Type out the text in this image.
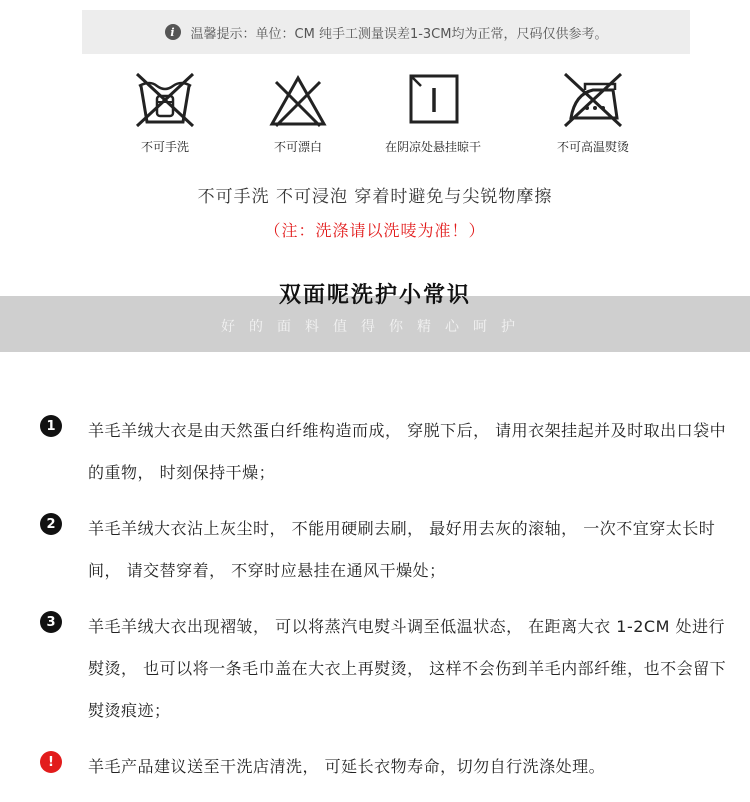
i	温馨提示：单位：CM 纯手工测量误差1-3CM均为正常，尺码仅供参考。
不可手洗	不可漂白	在阴凉处悬挂晾干	不可高温熨烫
不可手洗 不可浸泡 穿着时避免与尖锐物摩擦
（注：洗涤请以洗唛为准！）
双面呢洗护小常识
好的面料值得你精心呵护
1	羊毛羊绒大衣是由天然蛋白纤维构造而成， 穿脱下后， 请用衣架挂起并及时取出口袋中的重物， 时刻保持干燥；
2	羊毛羊绒大衣沾上灰尘时， 不能用硬刷去刷， 最好用去灰的滚轴， 一次不宜穿太长时间， 请交替穿着， 不穿时应悬挂在通风干燥处；
3	羊毛羊绒大衣出现褶皱， 可以将蒸汽电熨斗调至低温状态， 在距离大衣 1-2CM 处进行熨烫， 也可以将一条毛巾盖在大衣上再熨烫， 这样不会伤到羊毛内部纤维，也不会留下熨烫痕迹；
!	羊毛产品建议送至干洗店清洗， 可延长衣物寿命，切勿自行洗涤处理。
